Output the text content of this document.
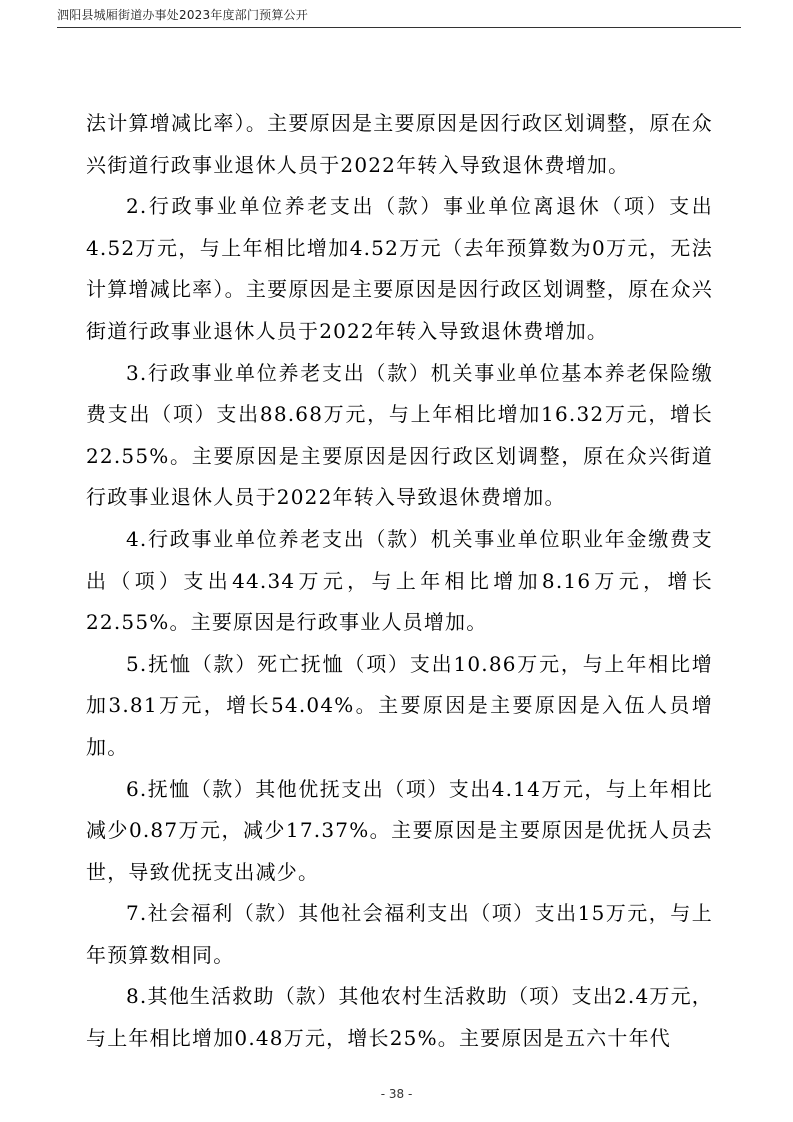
泗阳县城厢街道办事处2023年度部门预算公开

法计算增减比率）。主要原因是主要原因是因行政区划调整，原在众兴街道行政事业退休人员于2022年转入导致退休费增加。

2.行政事业单位养老支出（款）事业单位离退休（项）支出4.52万元，与上年相比增加4.52万元（去年预算数为0万元，无法计算增减比率）。主要原因是主要原因是因行政区划调整，原在众兴街道行政事业退休人员于2022年转入导致退休费增加。

3.行政事业单位养老支出（款）机关事业单位基本养老保险缴费支出（项）支出88.68万元，与上年相比增加16.32万元，增长22.55%。主要原因是主要原因是因行政区划调整，原在众兴街道行政事业退休人员于2022年转入导致退休费增加。

4.行政事业单位养老支出（款）机关事业单位职业年金缴费支出（项）支出44.34万元，与上年相比增加8.16万元，增长22.55%。主要原因是行政事业人员增加。

5.抚恤（款）死亡抚恤（项）支出10.86万元，与上年相比增加3.81万元，增长54.04%。主要原因是主要原因是入伍人员增加。

6.抚恤（款）其他优抚支出（项）支出4.14万元，与上年相比减少0.87万元，减少17.37%。主要原因是主要原因是优抚人员去世，导致优抚支出减少。

7.社会福利（款）其他社会福利支出（项）支出15万元，与上年预算数相同。

8.其他生活救助（款）其他农村生活救助（项）支出2.4万元，与上年相比增加0.48万元，增长25%。主要原因是五六十年代

- 38 -
